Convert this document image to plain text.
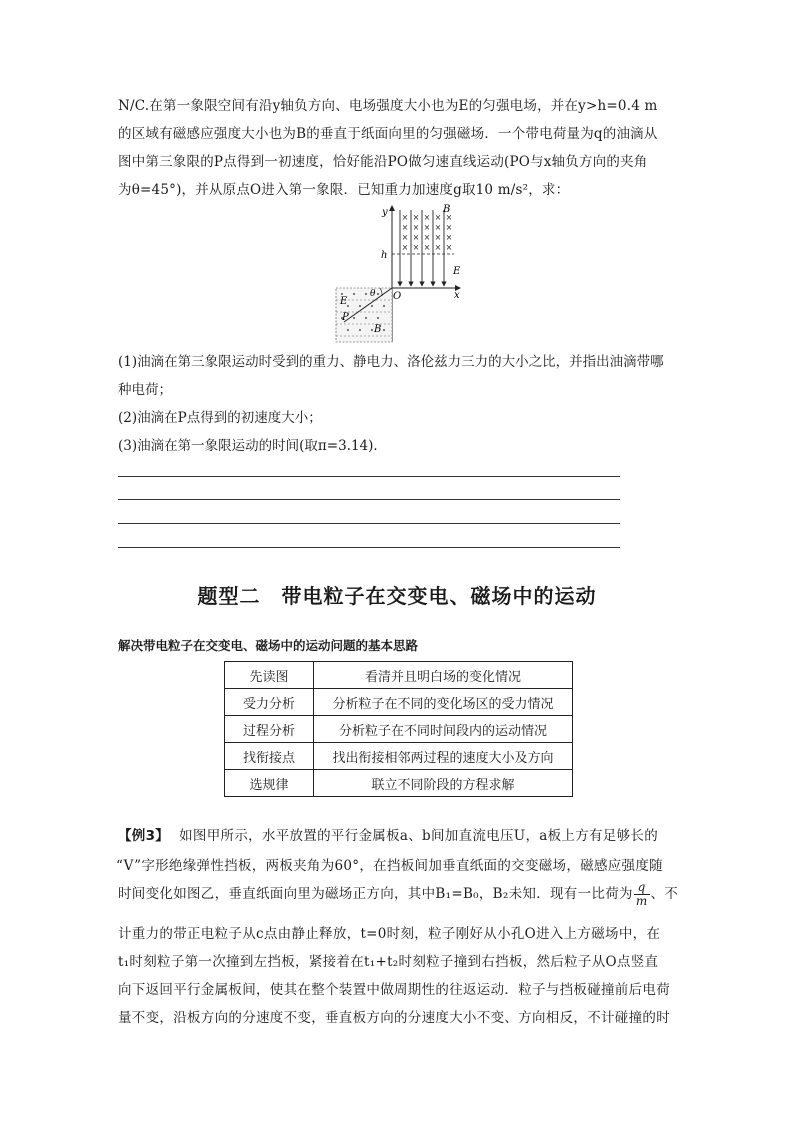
N/C.在第一象限空间有沿y轴负方向、电场强度大小也为E的匀强电场，并在y>h=0.4 m
的区域有磁感应强度大小也为B的垂直于纸面向里的匀强磁场．一个带电荷量为q的油滴从
图中第三象限的P点得到一初速度，恰好能沿PO做匀速直线运动(PO与x轴负方向的夹角
为θ=45°)，并从原点O进入第一象限．已知重力加速度g取10 m/s²，求：
y
x
O
h
× × × × ×
× × × × ×
× × × × ×
× × × × ×
B
E
θ
E
P
B
(1)油滴在第三象限运动时受到的重力、静电力、洛伦兹力三力的大小之比，并指出油滴带哪
种电荷；
(2)油滴在P点得到的初速度大小；
(3)油滴在第一象限运动的时间(取π=3.14)．
题型二　带电粒子在交变电、磁场中的运动
解决带电粒子在交变电、磁场中的运动问题的基本思路
先读图	看清并且明白场的变化情况
受力分析	分析粒子在不同的变化场区的受力情况
过程分析	分析粒子在不同时间段内的运动情况
找衔接点	找出衔接相邻两过程的速度大小及方向
选规律	联立不同阶段的方程求解
【例3】 如图甲所示，水平放置的平行金属板a、b间加直流电压U，a板上方有足够长的
“V”字形绝缘弹性挡板，两板夹角为60°，在挡板间加垂直纸面的交变磁场，磁感应强度随
时间变化如图乙，垂直纸面向里为磁场正方向，其中B₁=B₀，B₂未知．现有一比荷为 $\frac{q}{m}$ 、不
计重力的带正电粒子从c点由静止释放，t=0时刻，粒子刚好从小孔O进入上方磁场中，在
t₁时刻粒子第一次撞到左挡板，紧接着在t₁+t₂时刻粒子撞到右挡板，然后粒子从O点竖直
向下返回平行金属板间，使其在整个装置中做周期性的往返运动．粒子与挡板碰撞前后电荷
量不变，沿板方向的分速度不变，垂直板方向的分速度大小不变、方向相反，不计碰撞的时
